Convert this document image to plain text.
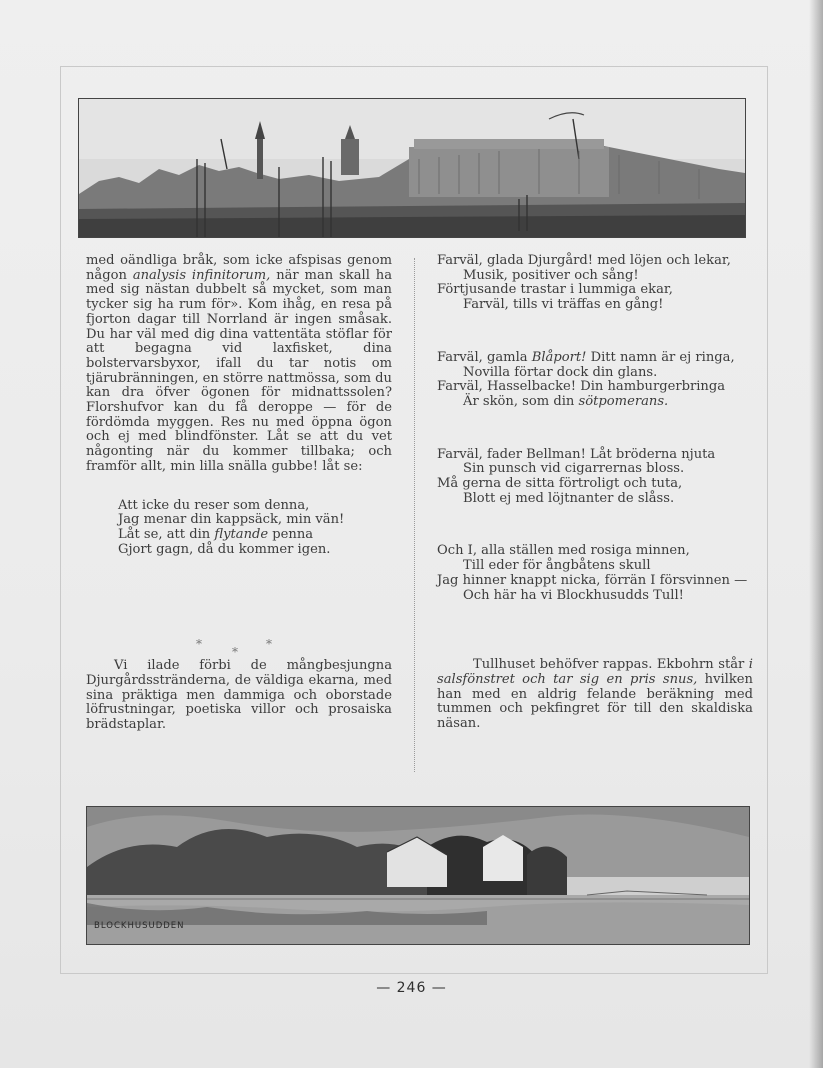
med oändliga bråk, som icke afspisas genom någon analysis infinitorum, när man skall ha med sig nästan dubbelt så mycket, som man tycker sig ha rum för». Kom ihåg, en resa på fjorton dagar till Norrland är ingen småsak. Du har väl med dig dina vattentäta stöflar för att begagna vid laxfisket, dina bolstervarsbyxor, ifall du tar notis om tjärubränningen, en större nattmössa, som du kan dra öfver ögonen för midnattssolen? Florshufvor kan du få deroppe — för de fördömda myggen. Res nu med öppna ögon och ej med blindfönster. Låt se att du vet någonting när du kommer tillbaka; och framför allt, min lilla snälla gubbe! låt se:

Att icke du reser som denna,
Jag menar din kappsäck, min vän!
Låt se, att din flytande penna
Gjort gagn, då du kommer igen.

Vi ilade förbi de mångbesjungna Djurgårdsstränderna, de väldiga ekarna, med sina präktiga men dammiga och oborstade löfrustningar, poetiska villor och prosaiska brädstaplar.

*
*
*
Farväl, glada Djurgård! med löjen och lekar,
Musik, positiver och sång!
Förtjusande trastar i lummiga ekar,
Farväl, tills vi träffas en gång!
Farväl, gamla Blåport! Ditt namn är ej ringa,
Novilla förtar dock din glans.
Farväl, Hasselbacke! Din hamburgerbringa
Är skön, som din sötpomerans.
Farväl, fader Bellman! Låt bröderna njuta
Sin punsch vid cigarrernas bloss.
Må gerna de sitta förtroligt och tuta,
Blott ej med löjtnanter de slåss.
Och I, alla ställen med rosiga minnen,
Till eder för ångbåtens skull
Jag hinner knappt nicka, förrän I försvinnen —
Och här ha vi Blockhusudds Tull!

Tullhuset behöfver rappas. Ekbohrn står i salsfönstret och tar sig en pris snus, hvilken han med en aldrig felande beräkning med tummen och pekfingret för till den skaldiska näsan.

BLOCKHUSUDDEN
— 246 —
